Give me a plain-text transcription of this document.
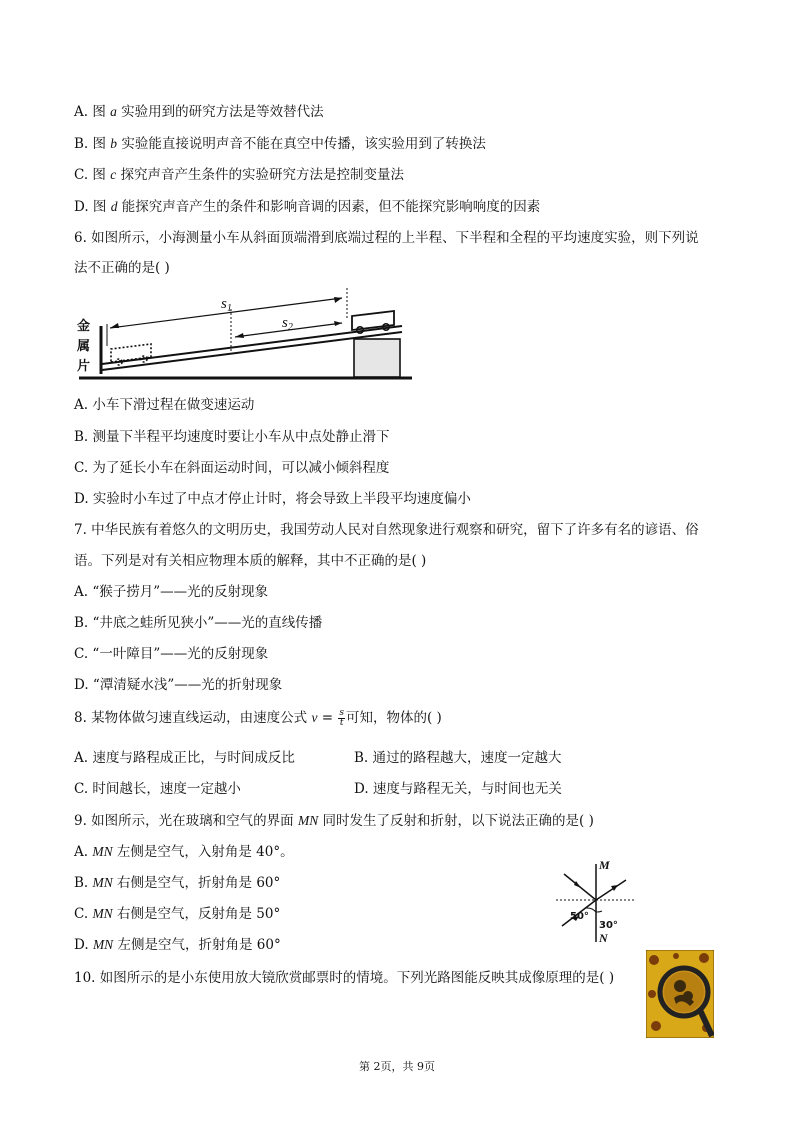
A. 图 a 实验用到的研究方法是等效替代法
B. 图 b 实验能直接说明声音不能在真空中传播，该实验用到了转换法
C. 图 c 探究声音产生条件的实验研究方法是控制变量法
D. 图 d 能探究声音产生的条件和影响音调的因素，但不能探究影响响度的因素
6. 如图所示，小海测量小车从斜面顶端滑到底端过程的上半程、下半程和全程的平均速度实验，则下列说
法不正确的是( )
$s_1$
$s_2$
金
属
片
A. 小车下滑过程在做变速运动
B. 测量下半程平均速度时要让小车从中点处静止滑下
C. 为了延长小车在斜面运动时间，可以减小倾斜程度
D. 实验时小车过了中点才停止计时，将会导致上半段平均速度偏小
7. 中华民族有着悠久的文明历史，我国劳动人民对自然现象进行观察和研究，留下了许多有名的谚语、俗
语。下列是对有关相应物理本质的解释，其中不正确的是( )
A. “猴子捞月”——光的反射现象
B. “井底之蛙所见狭小”——光的直线传播
C. “一叶障目”——光的反射现象
D. “潭清疑水浅”——光的折射现象
8. 某物体做匀速直线运动，由速度公式 $v = \frac{s}{t}$ 可知，物体的( )
A. 速度与路程成正比，与时间成反比	B. 通过的路程越大，速度一定越大
C. 时间越长，速度一定越小	D. 速度与路程无关，与时间也无关
9. 如图所示，光在玻璃和空气的界面 MN 同时发生了反射和折射，以下说法正确的是( )
A. MN 左侧是空气，入射角是 40°。
B. MN 右侧是空气，折射角是 60°
C. MN 右侧是空气，反射角是 50°
D. MN 左侧是空气，折射角是 60°
M
N
50°
30°
10. 如图所示的是小东使用放大镜欣赏邮票时的情境。下列光路图能反映其成像原理的是( )
第 2页，共 9页
